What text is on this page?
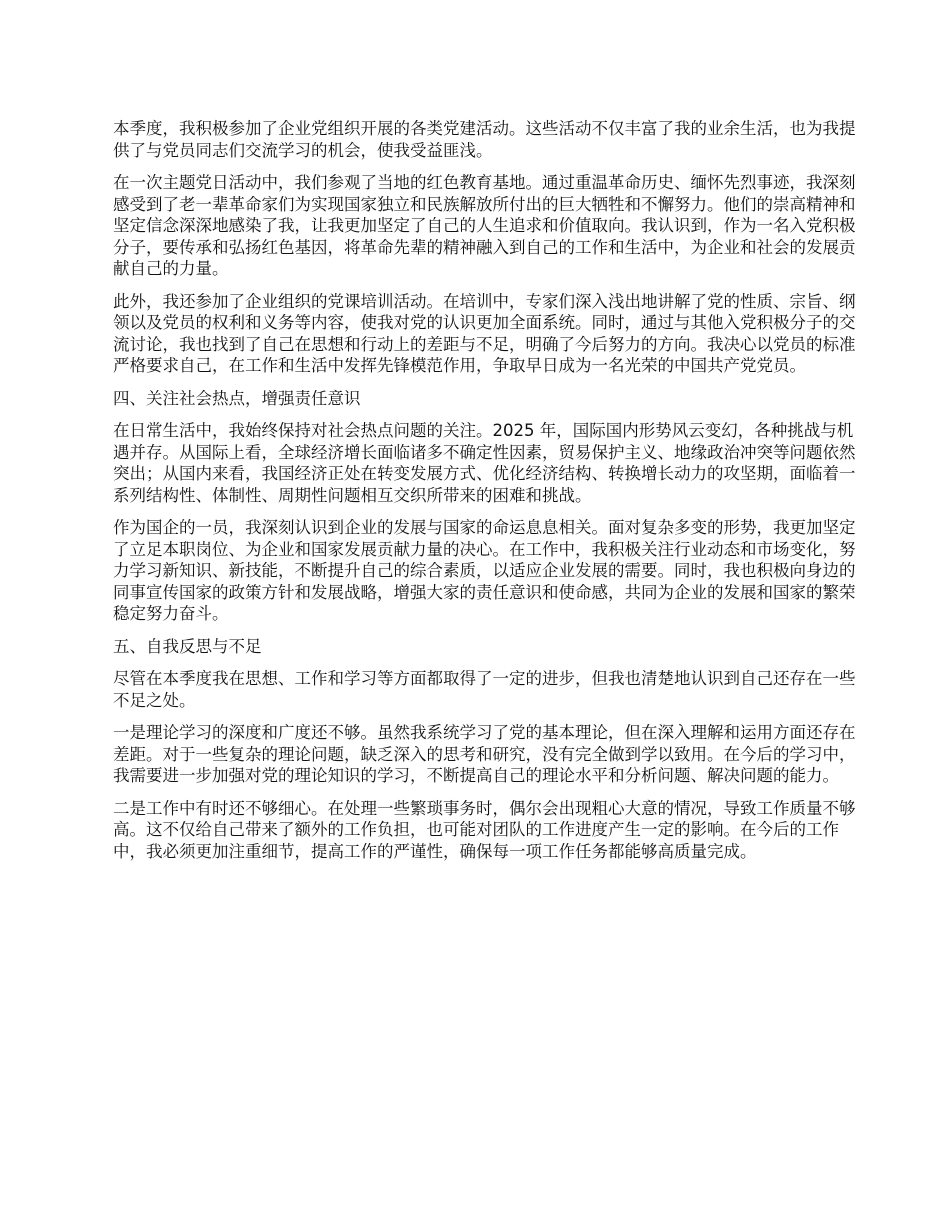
本季度，我积极参加了企业党组织开展的各类党建活动。这些活动不仅丰富了我的业余生活，也为我提供了与党员同志们交流学习的机会，使我受益匪浅。

在一次主题党日活动中，我们参观了当地的红色教育基地。通过重温革命历史、缅怀先烈事迹，我深刻感受到了老一辈革命家们为实现国家独立和民族解放所付出的巨大牺牲和不懈努力。他们的崇高精神和坚定信念深深地感染了我，让我更加坚定了自己的人生追求和价值取向。我认识到，作为一名入党积极分子，要传承和弘扬红色基因，将革命先辈的精神融入到自己的工作和生活中，为企业和社会的发展贡献自己的力量。

此外，我还参加了企业组织的党课培训活动。在培训中，专家们深入浅出地讲解了党的性质、宗旨、纲领以及党员的权利和义务等内容，使我对党的认识更加全面系统。同时，通过与其他入党积极分子的交流讨论，我也找到了自己在思想和行动上的差距与不足，明确了今后努力的方向。我决心以党员的标准严格要求自己，在工作和生活中发挥先锋模范作用，争取早日成为一名光荣的中国共产党党员。

四、关注社会热点，增强责任意识

在日常生活中，我始终保持对社会热点问题的关注。2025 年，国际国内形势风云变幻，各种挑战与机遇并存。从国际上看，全球经济增长面临诸多不确定性因素，贸易保护主义、地缘政治冲突等问题依然突出；从国内来看，我国经济正处在转变发展方式、优化经济结构、转换增长动力的攻坚期，面临着一系列结构性、体制性、周期性问题相互交织所带来的困难和挑战。

作为国企的一员，我深刻认识到企业的发展与国家的命运息息相关。面对复杂多变的形势，我更加坚定了立足本职岗位、为企业和国家发展贡献力量的决心。在工作中，我积极关注行业动态和市场变化，努力学习新知识、新技能，不断提升自己的综合素质，以适应企业发展的需要。同时，我也积极向身边的同事宣传国家的政策方针和发展战略，增强大家的责任意识和使命感，共同为企业的发展和国家的繁荣稳定努力奋斗。

五、自我反思与不足

尽管在本季度我在思想、工作和学习等方面都取得了一定的进步，但我也清楚地认识到自己还存在一些不足之处。

一是理论学习的深度和广度还不够。虽然我系统学习了党的基本理论，但在深入理解和运用方面还存在差距。对于一些复杂的理论问题，缺乏深入的思考和研究，没有完全做到学以致用。在今后的学习中，我需要进一步加强对党的理论知识的学习，不断提高自己的理论水平和分析问题、解决问题的能力。

二是工作中有时还不够细心。在处理一些繁琐事务时，偶尔会出现粗心大意的情况，导致工作质量不够高。这不仅给自己带来了额外的工作负担，也可能对团队的工作进度产生一定的影响。在今后的工作中，我必须更加注重细节，提高工作的严谨性，确保每一项工作任务都能够高质量完成。
